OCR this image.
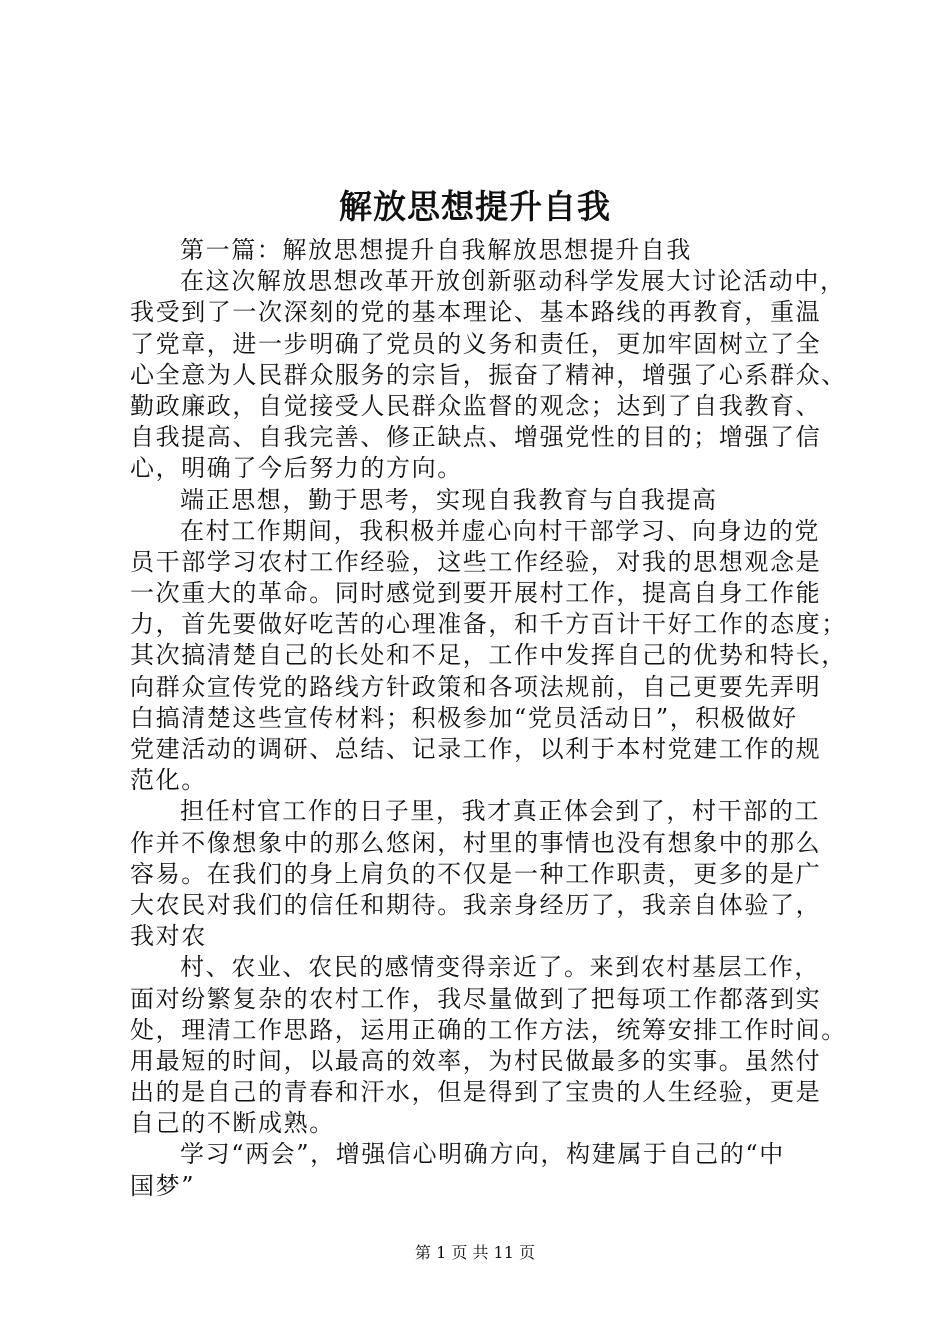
解放思想提升自我
第一篇：解放思想提升自我解放思想提升自我
在这次解放思想改革开放创新驱动科学发展大讨论活动中，
我受到了一次深刻的党的基本理论、基本路线的再教育，重温
了党章，进一步明确了党员的义务和责任，更加牢固树立了全
心全意为人民群众服务的宗旨，振奋了精神，增强了心系群众、
勤政廉政，自觉接受人民群众监督的观念；达到了自我教育、
自我提高、自我完善、修正缺点、增强党性的目的；增强了信
心，明确了今后努力的方向。
端正思想，勤于思考，实现自我教育与自我提高
在村工作期间，我积极并虚心向村干部学习、向身边的党
员干部学习农村工作经验，这些工作经验，对我的思想观念是
一次重大的革命。同时感觉到要开展村工作，提高自身工作能
力，首先要做好吃苦的心理准备，和千方百计干好工作的态度；
其次搞清楚自己的长处和不足，工作中发挥自己的优势和特长，
向群众宣传党的路线方针政策和各项法规前，自己更要先弄明
白搞清楚这些宣传材料；积极参加“党员活动日”，积极做好
党建活动的调研、总结、记录工作，以利于本村党建工作的规
范化。
担任村官工作的日子里，我才真正体会到了，村干部的工
作并不像想象中的那么悠闲，村里的事情也没有想象中的那么
容易。在我们的身上肩负的不仅是一种工作职责，更多的是广
大农民对我们的信任和期待。我亲身经历了，我亲自体验了，
我对农
村、农业、农民的感情变得亲近了。来到农村基层工作，
面对纷繁复杂的农村工作，我尽量做到了把每项工作都落到实
处，理清工作思路，运用正确的工作方法，统筹安排工作时间。
用最短的时间，以最高的效率，为村民做最多的实事。虽然付
出的是自己的青春和汗水，但是得到了宝贵的人生经验，更是
自己的不断成熟。
学习“两会”，增强信心明确方向，构建属于自己的“中
国梦”
第 1 页 共 11 页
